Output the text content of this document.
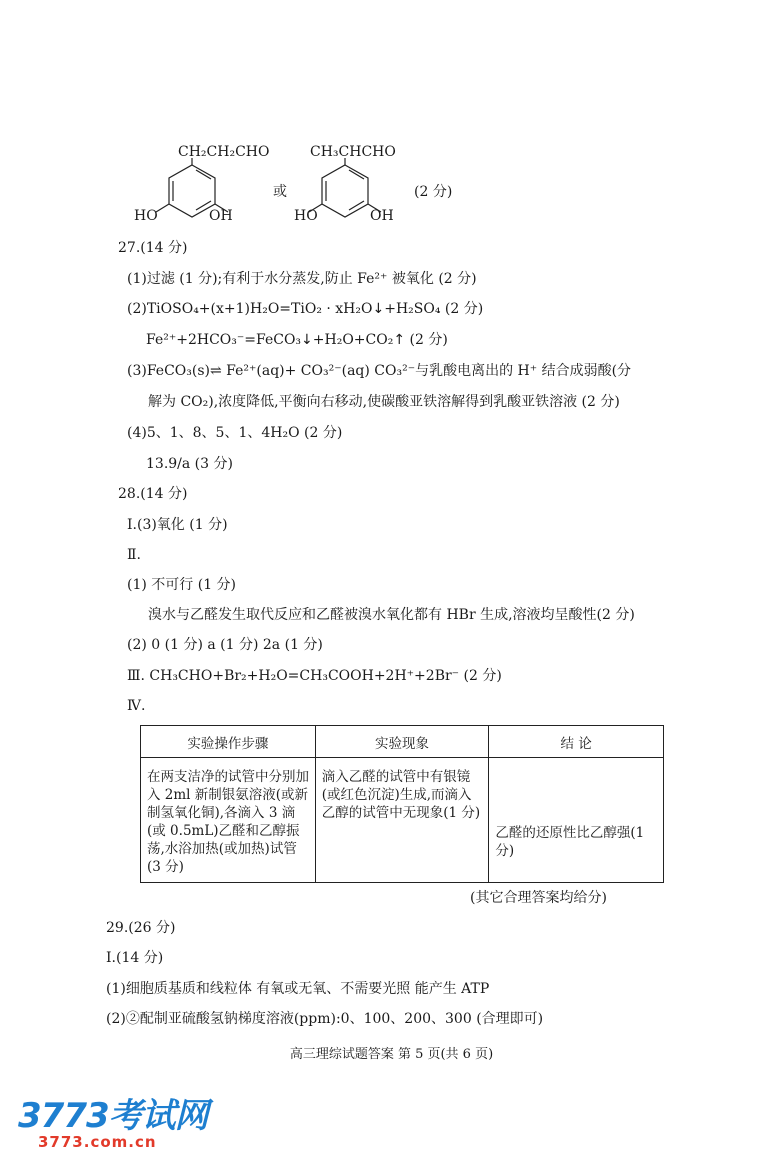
CH₂CH₂CHO
HO	OH
或
CH₃CHCHO
HO	OH
(2 分)
27.(14 分)
(1)过滤 (1 分);有利于水分蒸发,防止 Fe²⁺ 被氧化 (2 分)
(2)TiOSO₄+(x+1)H₂O=TiO₂ · xH₂O↓+H₂SO₄ (2 分)
Fe²⁺+2HCO₃⁻=FeCO₃↓+H₂O+CO₂↑ (2 分)
(3)FeCO₃(s)⇌ Fe²⁺(aq)+ CO₃²⁻(aq) CO₃²⁻与乳酸电离出的 H⁺ 结合成弱酸(分
解为 CO₂),浓度降低,平衡向右移动,使碳酸亚铁溶解得到乳酸亚铁溶液 (2 分)
(4)5、1、8、5、1、4H₂O (2 分)
13.9/a (3 分)
28.(14 分)
Ⅰ.(3)氧化 (1 分)
Ⅱ.
(1) 不可行 (1 分)
溴水与乙醛发生取代反应和乙醛被溴水氧化都有 HBr 生成,溶液均呈酸性(2 分)
(2) 0 (1 分) a (1 分) 2a (1 分)
Ⅲ. CH₃CHO+Br₂+H₂O=CH₃COOH+2H⁺+2Br⁻ (2 分)
Ⅳ.
实验操作步骤	实验现象	结 论
在两支洁净的试管中分别加入 2ml 新制银氨溶液(或新制氢氧化铜),各滴入 3 滴(或 0.5mL)乙醛和乙醇振荡,水浴加热(或加热)试管 (3 分)	滴入乙醛的试管中有银镜(或红色沉淀)生成,而滴入乙醇的试管中无现象(1 分)	乙醛的还原性比乙醇强(1 分)
(其它合理答案均给分)
29.(26 分)
Ⅰ.(14 分)
(1)细胞质基质和线粒体 有氧或无氧、不需要光照 能产生 ATP
(2)②配制亚硫酸氢钠梯度溶液(ppm):0、100、200、300 (合理即可)
高三理综试题答案 第 5 页(共 6 页)
3773考试网
3773.com.cn
